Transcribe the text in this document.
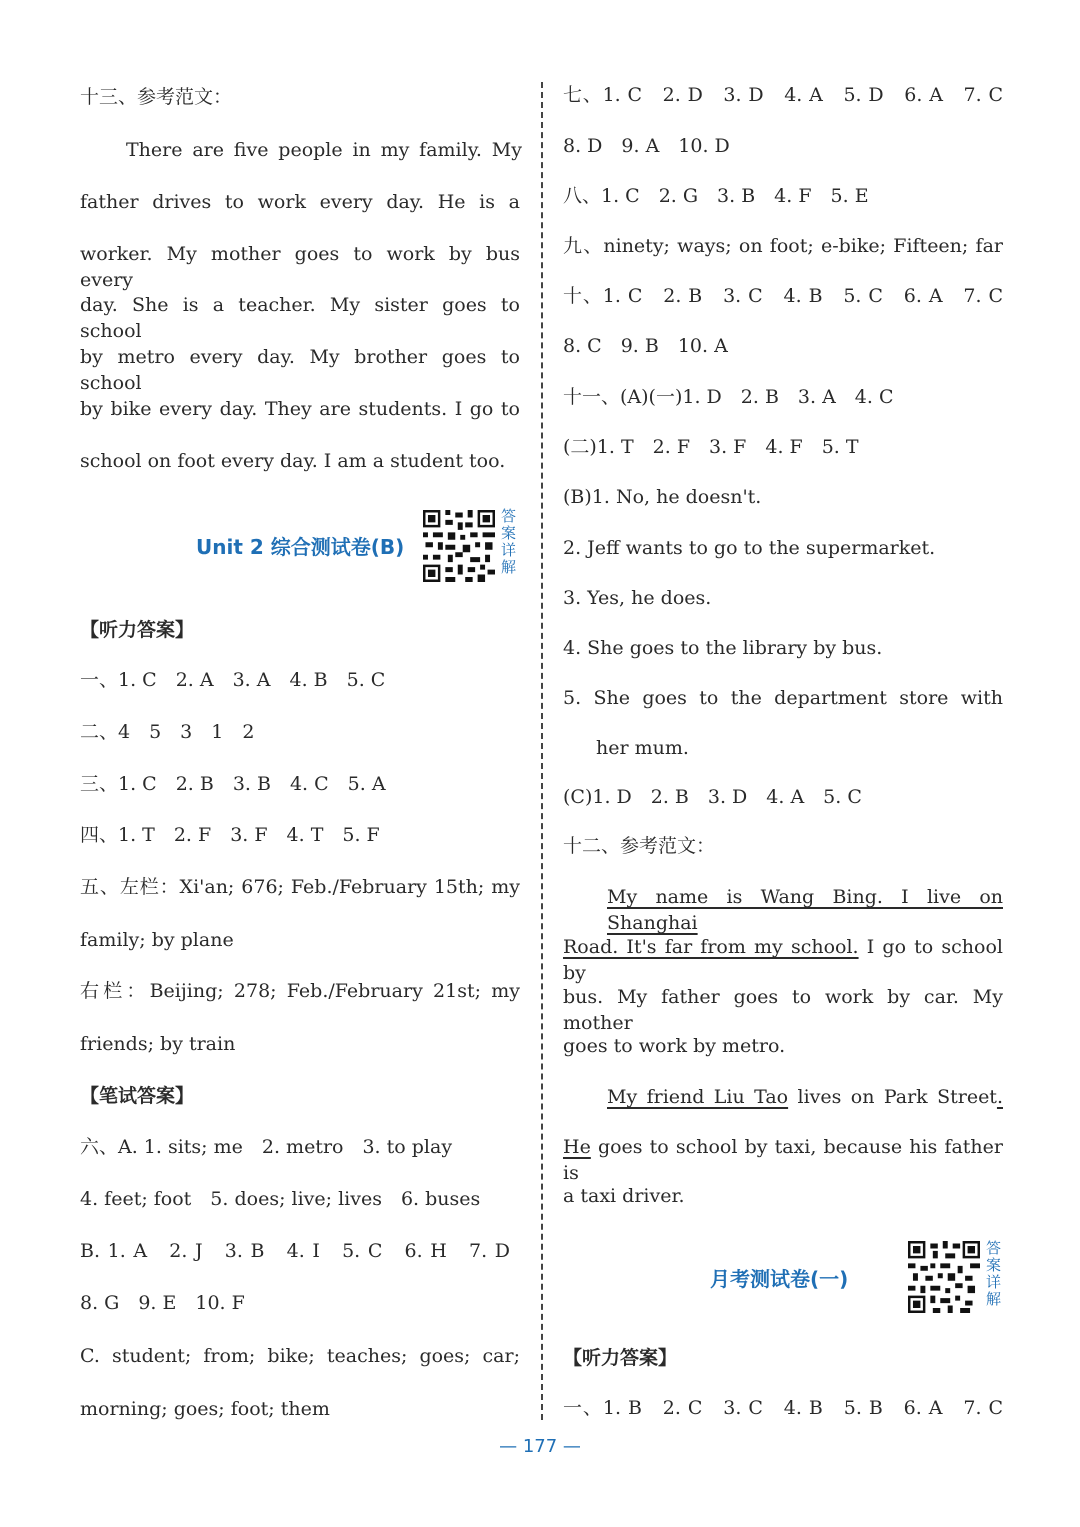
十三、参考范文：
There are five people in my family. My
father drives to work every day. He is a
worker. My mother goes to work by bus every
day. She is a teacher. My sister goes to school
by metro every day. My brother goes to school
by bike every day. They are students. I go to
school on foot every day. I am a student too.
Unit 2 综合测试卷(B)
答
案
详
解
【听力答案】
一、1. C　2. A　3. A　4. B　5. C
二、4　5　3　1　2
三、1. C　2. B　3. B　4. C　5. A
四、1. T　2. F　3. F　4. T　5. F
五、左栏：Xi'an; 676; Feb./February 15th; my
family; by plane
右栏：Beijing; 278; Feb./February 21st; my
friends; by train
【笔试答案】
六、A. 1. sits; me　2. metro　3. to play
4. feet; foot　5. does; live; lives　6. buses
B. 1. A　2. J　3. B　4. I　5. C　6. H　7. D
8. G　9. E　10. F
C. student; from; bike; teaches; goes; car;
morning; goes; foot; them
七、1. C　2. D　3. D　4. A　5. D　6. A　7. C
8. D　9. A　10. D
八、1. C　2. G　3. B　4. F　5. E
九、ninety; ways; on foot; e-bike; Fifteen; far
十、1. C　2. B　3. C　4. B　5. C　6. A　7. C
8. C　9. B　10. A
十一、(A)(一)1. D　2. B　3. A　4. C
(二)1. T　2. F　3. F　4. F　5. T
(B)1. No, he doesn't.
2. Jeff wants to go to the supermarket.
3. Yes, he does.
4. She goes to the library by bus.
5. She goes to the department store with
her mum.
(C)1. D　2. B　3. D　4. A　5. C
十二、参考范文：
My name is Wang Bing. I live on Shanghai
Road. It's far from my school. I go to school by
bus. My father goes to work by car. My mother
goes to work by metro.
My friend Liu Tao lives on Park Street.
He goes to school by taxi, because his father is
a taxi driver.
月考测试卷(一)
答
案
详
解
【听力答案】
一、1. B　2. C　3. C　4. B　5. B　6. A　7. C
— 177 —
